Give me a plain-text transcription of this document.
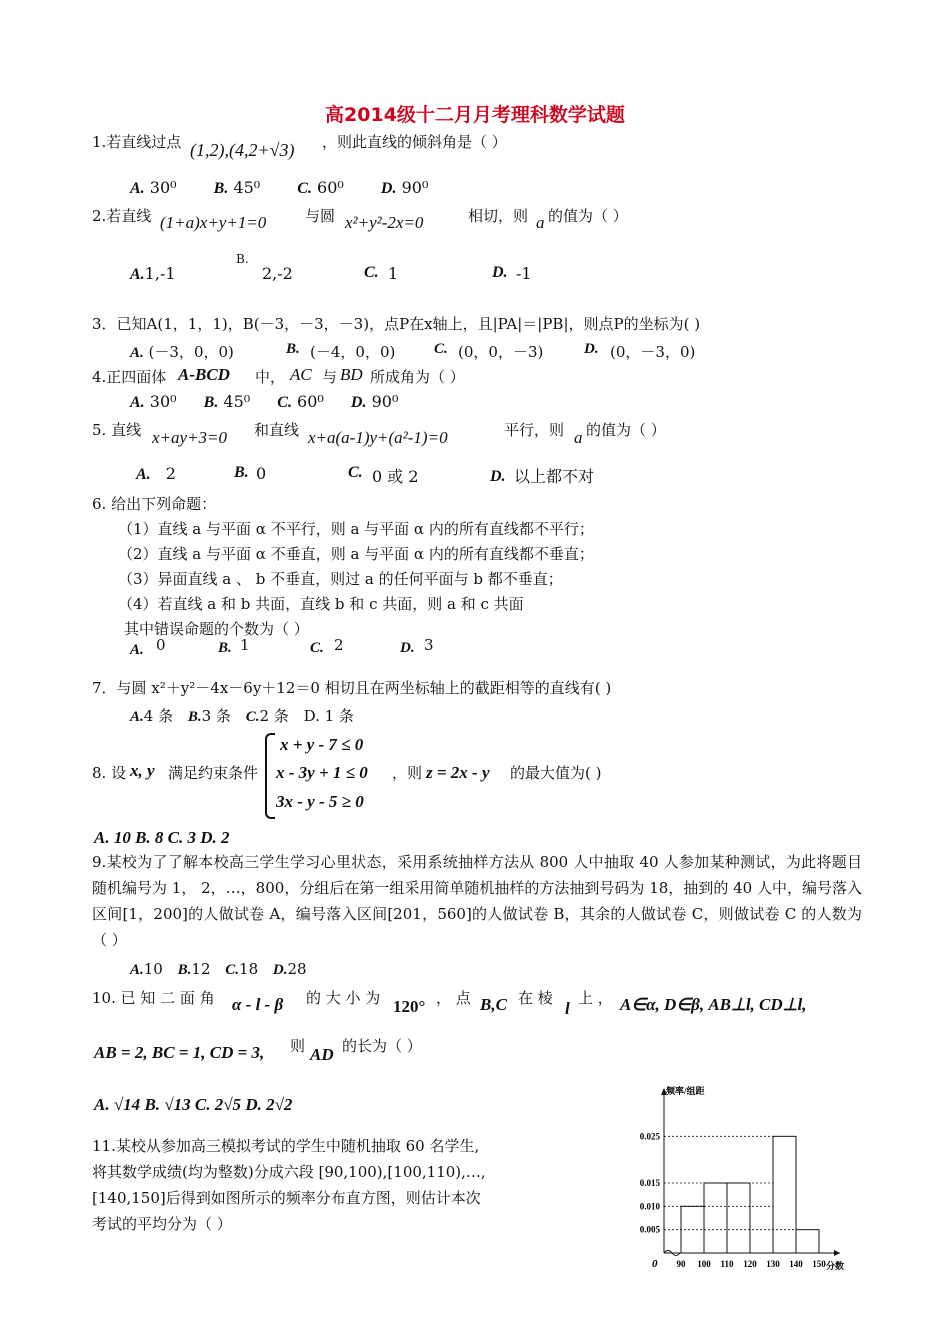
高2014级十二月月考理科数学试题
1.若直线过点 (1,2),(4,2+√3) ，则此直线的倾斜角是（ ）
A. 30⁰ B. 45⁰ C. 60⁰ D. 90⁰
2.若直线 (1+a)x+y+1=0	与圆 x²+y²-2x=0	相切，则 a 的值为（ ）
A.1,-1
B.
2,-2	C. 1	D. -1
3．已知A(1，1，1)，B(－3，－3，－3)，点P在x轴上，且|PA|＝|PB|，则点P的坐标为( )
A. (－3，0，0)	B. (－4，0，0)	C. (0，0，－3)	D. (0，－3，0)
4.正四面体 A-BCD 中， AC 与 BD 所成角为（ ）
A. 30⁰ B. 45⁰ C. 60⁰ D. 90⁰
5. 直线 x+ay+3=0 和直线 x+a(a-1)y+(a²-1)=0	平行，则 a 的值为（ ）
A. 2	B. 0	C. 0 或 2	D. 以上都不对
6. 给出下列命题：
（1）直线 a 与平面 α 不平行，则 a 与平面 α 内的所有直线都不平行；
（2）直线 a 与平面 α 不垂直，则 a 与平面 α 内的所有直线都不垂直；
（3）异面直线 a 、 b 不垂直，则过 a 的任何平面与 b 都不垂直；
（4）若直线 a 和 b 共面，直线 b 和 c 共面，则 a 和 c 共面
其中错误命题的个数为（ ）
A. 0	B. 1	C. 2	D. 3
7．与圆 x²＋y²－4x－6y＋12＝0 相切且在两坐标轴上的截距相等的直线有( )
A.4 条 B.3 条 C.2 条 D. 1 条
8. 设 x, y 满足约束条件
x + y - 7 ≤ 0
x - 3y + 1 ≤ 0
3x - y - 5 ≥ 0
，则 z = 2x - y 的最大值为( )
A. 10 B. 8 C. 3 D. 2
9.某校为了了解本校高三学生学习心里状态，采用系统抽样方法从 800 人中抽取 40 人参加某种测试，为此将题目随机编号为 1， 2，…，800，分组后在第一组采用简单随机抽样的方法抽到号码为 18，抽到的 40 人中，编号落入区间[1，200]的人做试卷 A，编号落入区间[201，560]的人做试卷 B，其余的人做试卷 C，则做试卷 C 的人数为（ ）
A.10 B.12 C.18 D.28
10. 已 知 二 面 角 α - l - β 的 大 小 为 120° ， 点 B,C 在 棱
l
上 ， A∈α, D∈β, AB⊥l, CD⊥l,
AB = 2, BC = 1, CD = 3, 则 AD 的长为（ ）
A. √14 B. √13 C. 2√5 D. 2√2
11.某校从参加高三模拟考试的学生中随机抽取 60 名学生,
将其数学成绩(均为整数)分成六段 [90,100),[100,110),…,
[140,150]后得到如图所示的频率分布直方图，则估计本次
考试的平均分为（ ）
频率/组距
分数
0
0.005
0.010
0.015
0.025
90 100 110 120 130 140 150
